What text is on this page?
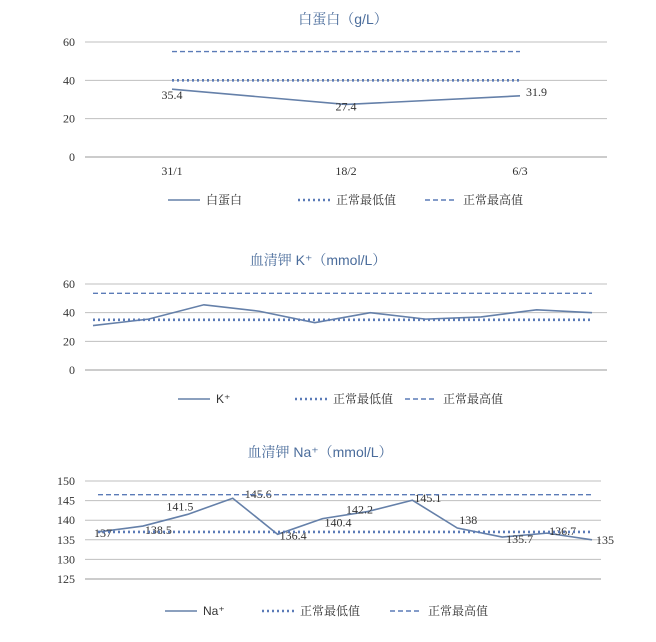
白蛋白（g/L）
0
20
40
60
31/1	18/2	6/3
35.4
27.4
31.9
白蛋白	正常最低值	正常最高值
血清钾 K⁺（mmol/L）
0
20
40
60
K⁺	正常最低值	正常最高值
血清钾 Na⁺（mmol/L）
125
130
135
140
145
150
137	138.5
141.5
145.6
136.4
140.4
142.2
145.1
138
135.7
136.7
135
Na⁺	正常最低值	正常最高值
